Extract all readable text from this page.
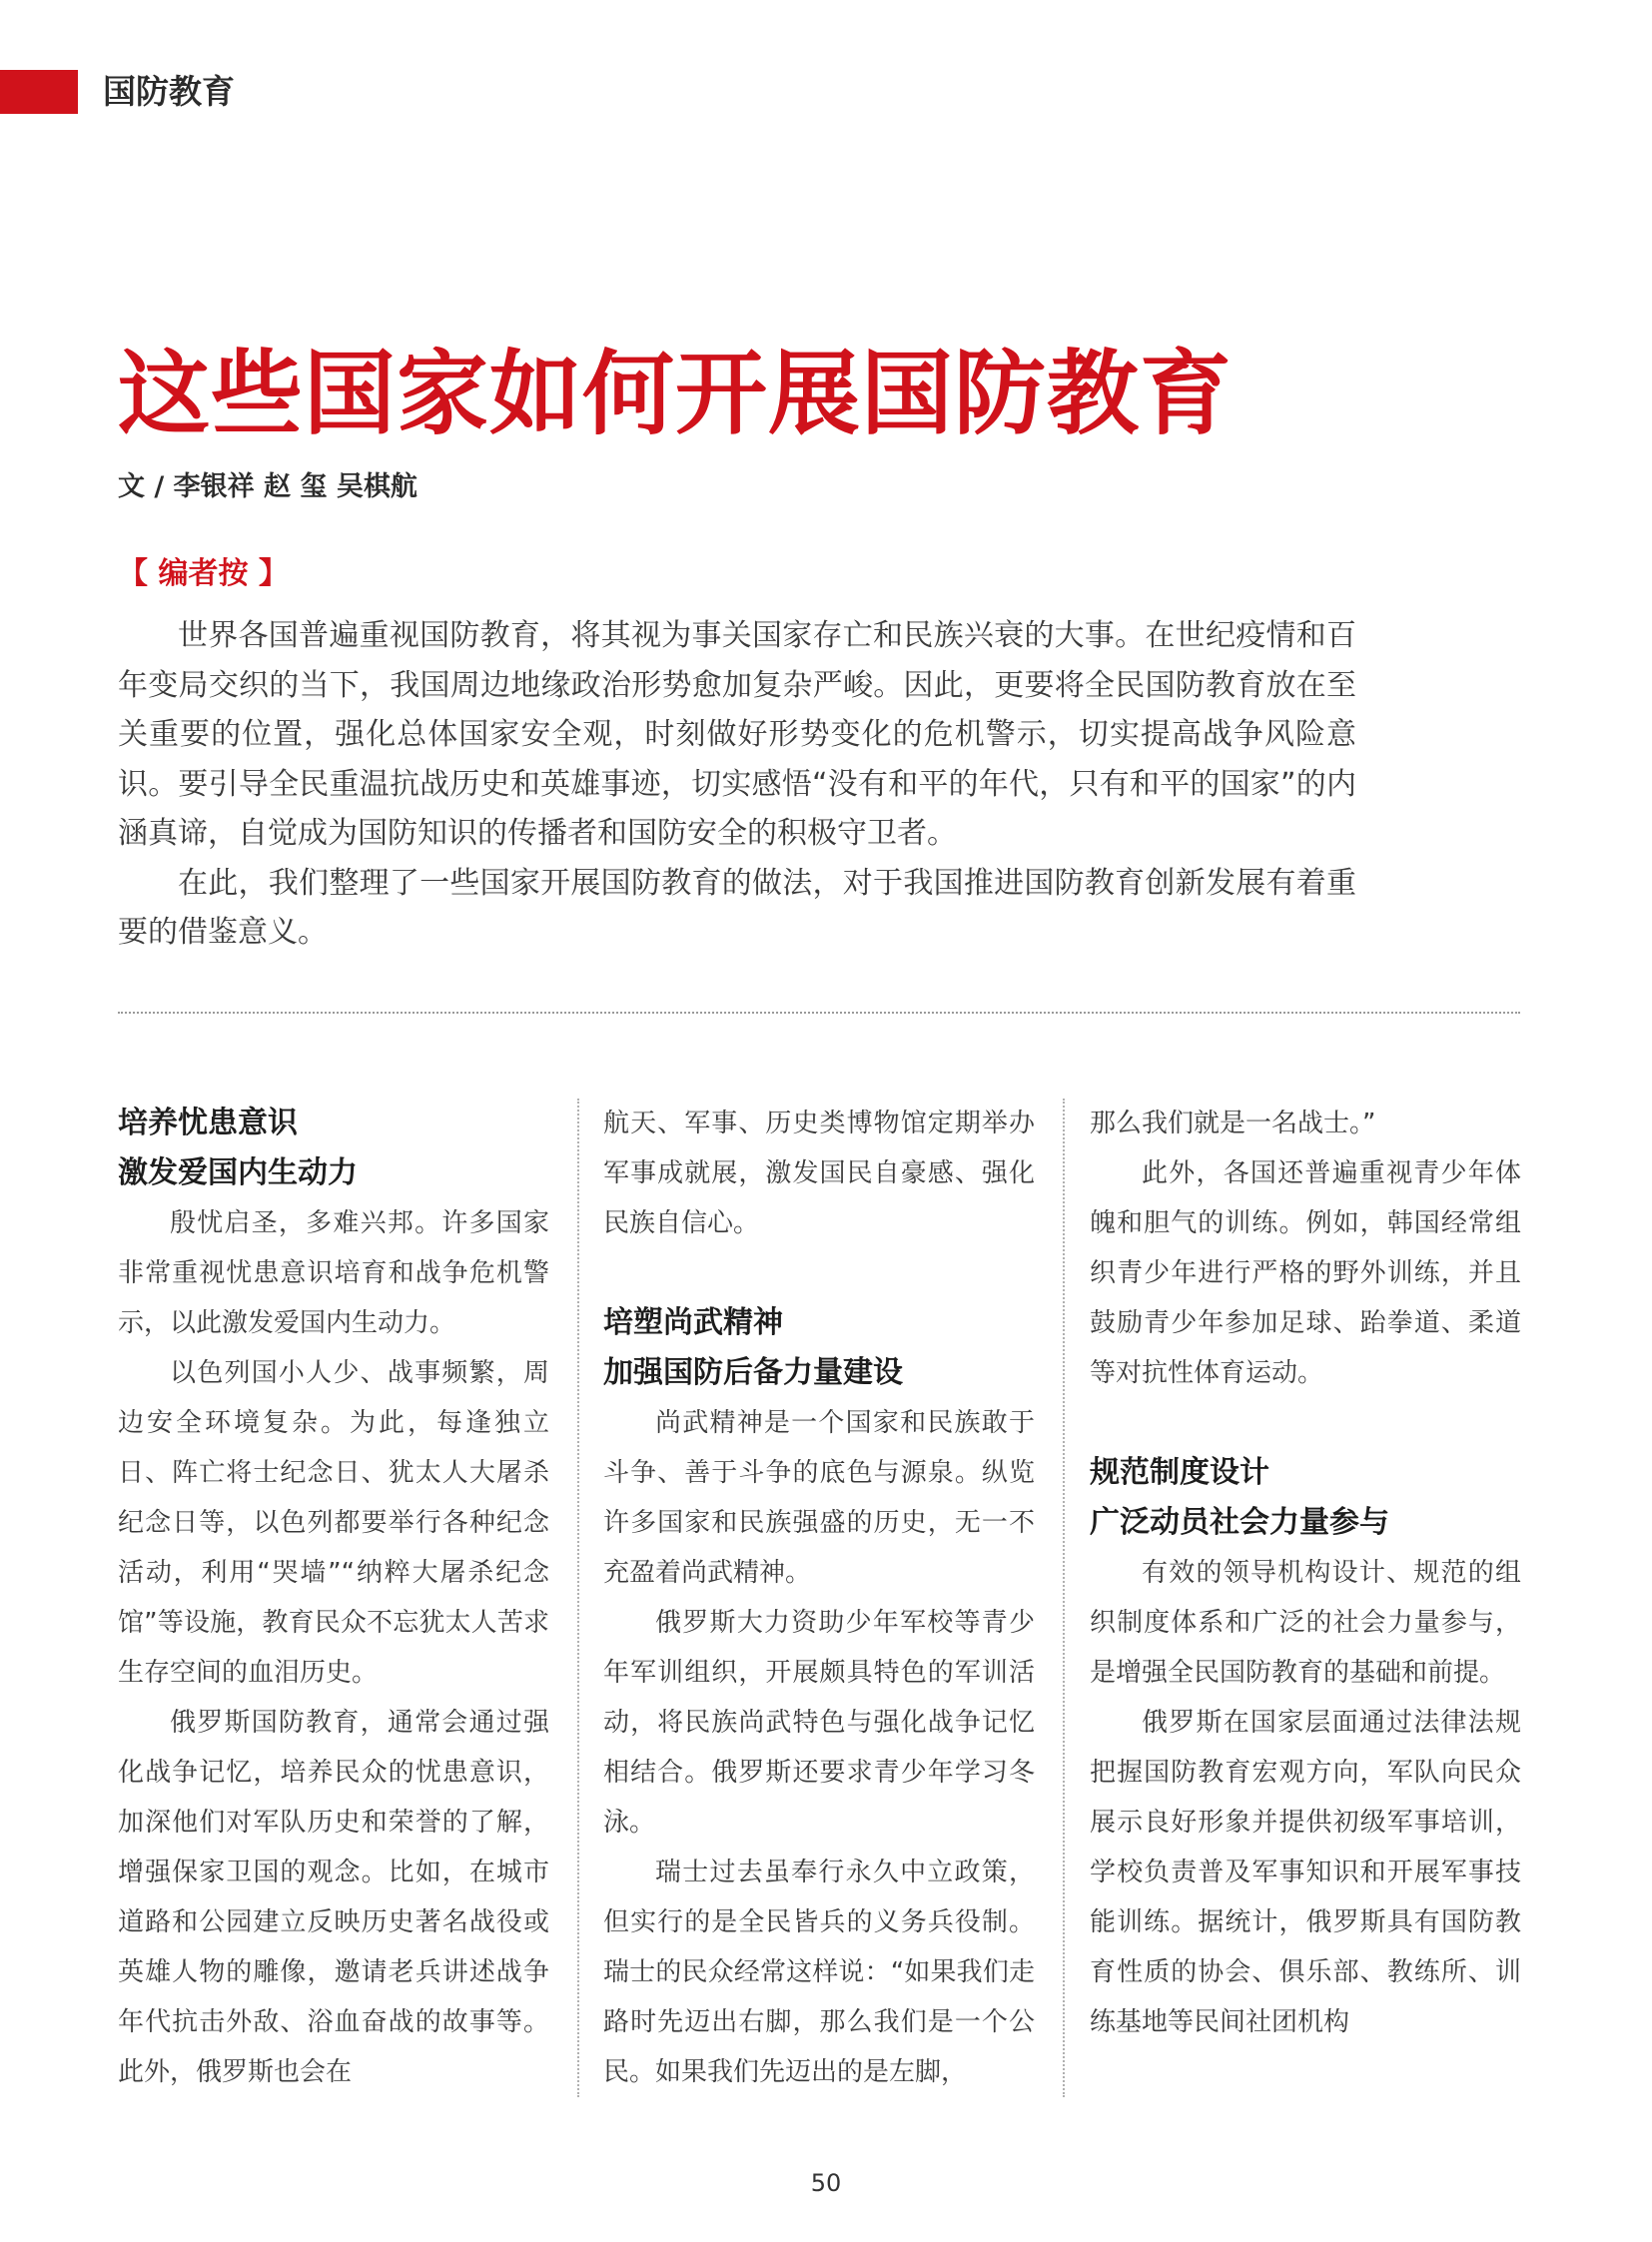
国防教育
这些国家如何开展国防教育
文 / 李银祥 赵 玺 吴棋航
【 编者按 】

世界各国普遍重视国防教育，将其视为事关国家存亡和民族兴衰的大事。在世纪疫情和百年变局交织的当下，我国周边地缘政治形势愈加复杂严峻。因此，更要将全民国防教育放在至关重要的位置，强化总体国家安全观，时刻做好形势变化的危机警示，切实提高战争风险意识。要引导全民重温抗战历史和英雄事迹，切实感悟“没有和平的年代，只有和平的国家”的内涵真谛，自觉成为国防知识的传播者和国防安全的积极守卫者。

在此，我们整理了一些国家开展国防教育的做法，对于我国推进国防教育创新发展有着重要的借鉴意义。

培养忧患意识
激发爱国内生动力

殷忧启圣，多难兴邦。许多国家非常重视忧患意识培育和战争危机警示，以此激发爱国内生动力。

以色列国小人少、战事频繁，周边安全环境复杂。为此，每逢独立日、阵亡将士纪念日、犹太人大屠杀纪念日等，以色列都要举行各种纪念活动，利用“哭墙”“纳粹大屠杀纪念馆”等设施，教育民众不忘犹太人苦求生存空间的血泪历史。

俄罗斯国防教育，通常会通过强化战争记忆，培养民众的忧患意识，加深他们对军队历史和荣誉的了解，增强保家卫国的观念。比如，在城市道路和公园建立反映历史著名战役或英雄人物的雕像，邀请老兵讲述战争年代抗击外敌、浴血奋战的故事等。此外，俄罗斯也会在

航天、军事、历史类博物馆定期举办军事成就展，激发国民自豪感、强化民族自信心。

培塑尚武精神
加强国防后备力量建设

尚武精神是一个国家和民族敢于斗争、善于斗争的底色与源泉。纵览许多国家和民族强盛的历史，无一不充盈着尚武精神。

俄罗斯大力资助少年军校等青少年军训组织，开展颇具特色的军训活动，将民族尚武特色与强化战争记忆相结合。俄罗斯还要求青少年学习冬泳。

瑞士过去虽奉行永久中立政策，但实行的是全民皆兵的义务兵役制。瑞士的民众经常这样说：“如果我们走路时先迈出右脚，那么我们是一个公民。如果我们先迈出的是左脚，

那么我们就是一名战士。”

此外，各国还普遍重视青少年体魄和胆气的训练。例如，韩国经常组织青少年进行严格的野外训练，并且鼓励青少年参加足球、跆拳道、柔道等对抗性体育运动。

规范制度设计
广泛动员社会力量参与

有效的领导机构设计、规范的组织制度体系和广泛的社会力量参与，是增强全民国防教育的基础和前提。

俄罗斯在国家层面通过法律法规把握国防教育宏观方向，军队向民众展示良好形象并提供初级军事培训，学校负责普及军事知识和开展军事技能训练。据统计，俄罗斯具有国防教育性质的协会、俱乐部、教练所、训练基地等民间社团机构

50
